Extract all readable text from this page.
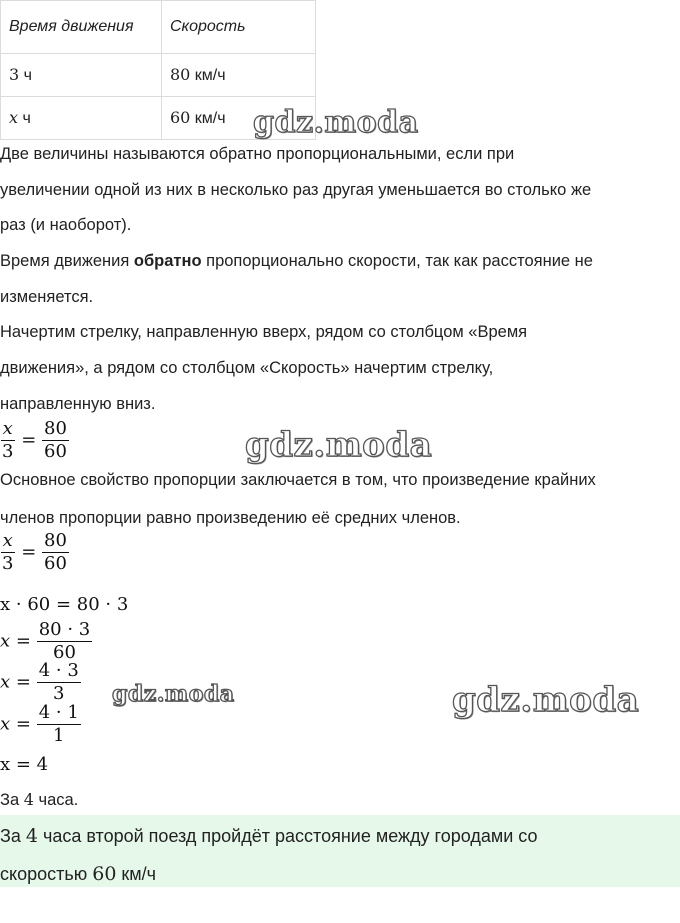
Время движения	Скорость
3 ч	80 км/ч
x ч	60 км/ч gdz.moda
Две величины называются обратно пропорциональными, если при
увеличении одной из них в несколько раз другая уменьшается во столько же
раз (и наоборот).
Время движения обратно пропорционально скорости, так как расстояние не
изменяется.
Начертим стрелку, направленную вверх, рядом со столбцом «Время
движения», а рядом со столбцом «Скорость» начертим стрелку,
направленную вниз.
$\frac{x}{3} = \frac{80}{60}$	gdz.moda
Основное свойство пропорции заключается в том, что произведение крайних
членов пропорции равно произведению её средних членов.
$\frac{x}{3} = \frac{80}{60}$
x · 60 = 80 · 3
$x = \frac{80 \cdot 3}{60}$
$x = \frac{4 \cdot 3}{3}$ gdz.moda	gdz.moda
$x = \frac{4 \cdot 1}{1}$
x = 4
За 4 часа.
За 4 часа второй поезд пройдёт расстояние между городами со
скоростью 60 км/ч
